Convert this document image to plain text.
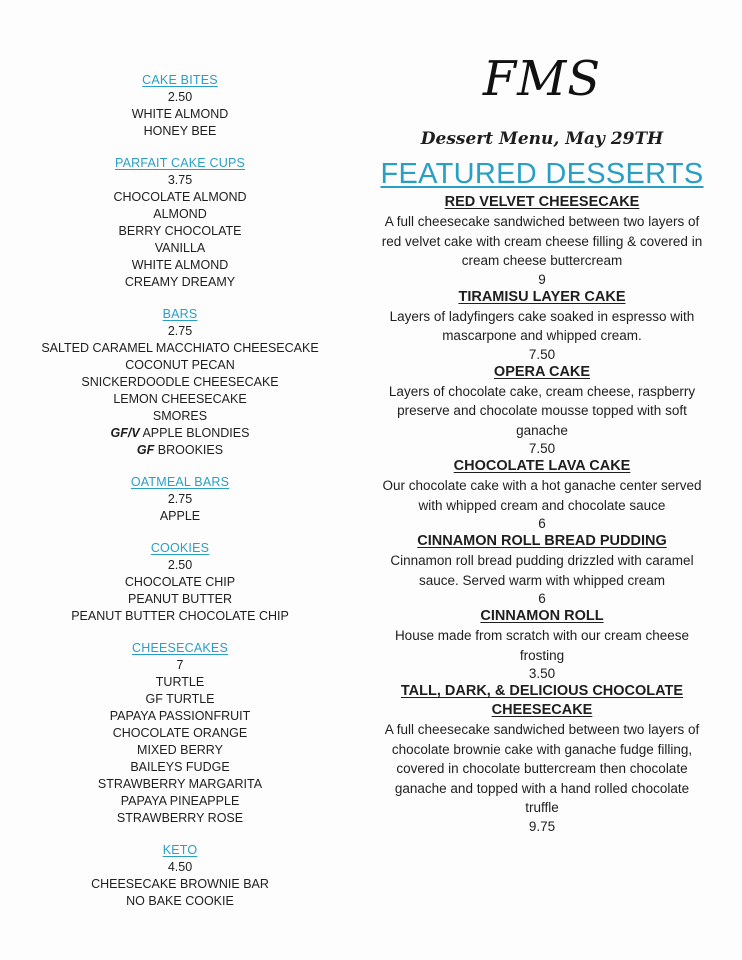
CAKE BITES
2.50
WHITE ALMOND
HONEY BEE
PARFAIT CAKE CUPS
3.75
CHOCOLATE ALMOND
ALMOND
BERRY CHOCOLATE
VANILLA
WHITE ALMOND
CREAMY DREAMY
BARS
2.75
SALTED CARAMEL MACCHIATO CHEESECAKE
COCONUT PECAN
SNICKERDOODLE CHEESECAKE
LEMON CHEESECAKE
SMORES
GF/V APPLE BLONDIES
GF BROOKIES
OATMEAL BARS
2.75
APPLE
COOKIES
2.50
CHOCOLATE CHIP
PEANUT BUTTER
PEANUT BUTTER CHOCOLATE CHIP
CHEESECAKES
7
TURTLE
GF TURTLE
PAPAYA PASSIONFRUIT
CHOCOLATE ORANGE
MIXED BERRY
BAILEYS FUDGE
STRAWBERRY MARGARITA
PAPAYA PINEAPPLE
STRAWBERRY ROSE
KETO
4.50
CHEESECAKE BROWNIE BAR
NO BAKE COOKIE
FMS
Dessert Menu, May 29TH
FEATURED DESSERTS
RED VELVET CHEESECAKE
A full cheesecake sandwiched between two layers of red velvet cake with cream cheese filling & covered in cream cheese buttercream
9
TIRAMISU LAYER CAKE
Layers of ladyfingers cake soaked in espresso with mascarpone and whipped cream.
7.50
OPERA CAKE
Layers of chocolate cake, cream cheese, raspberry preserve and chocolate mousse topped with soft ganache
7.50
CHOCOLATE LAVA CAKE
Our chocolate cake with a hot ganache center served with whipped cream and chocolate sauce
6
CINNAMON ROLL BREAD PUDDING
Cinnamon roll bread pudding drizzled with caramel sauce. Served warm with whipped cream
6
CINNAMON ROLL
House made from scratch with our cream cheese frosting
3.50
TALL, DARK, & DELICIOUS CHOCOLATE CHEESECAKE
A full cheesecake sandwiched between two layers of chocolate brownie cake with ganache fudge filling, covered in chocolate buttercream then chocolate ganache and topped with a hand rolled chocolate truffle
9.75
